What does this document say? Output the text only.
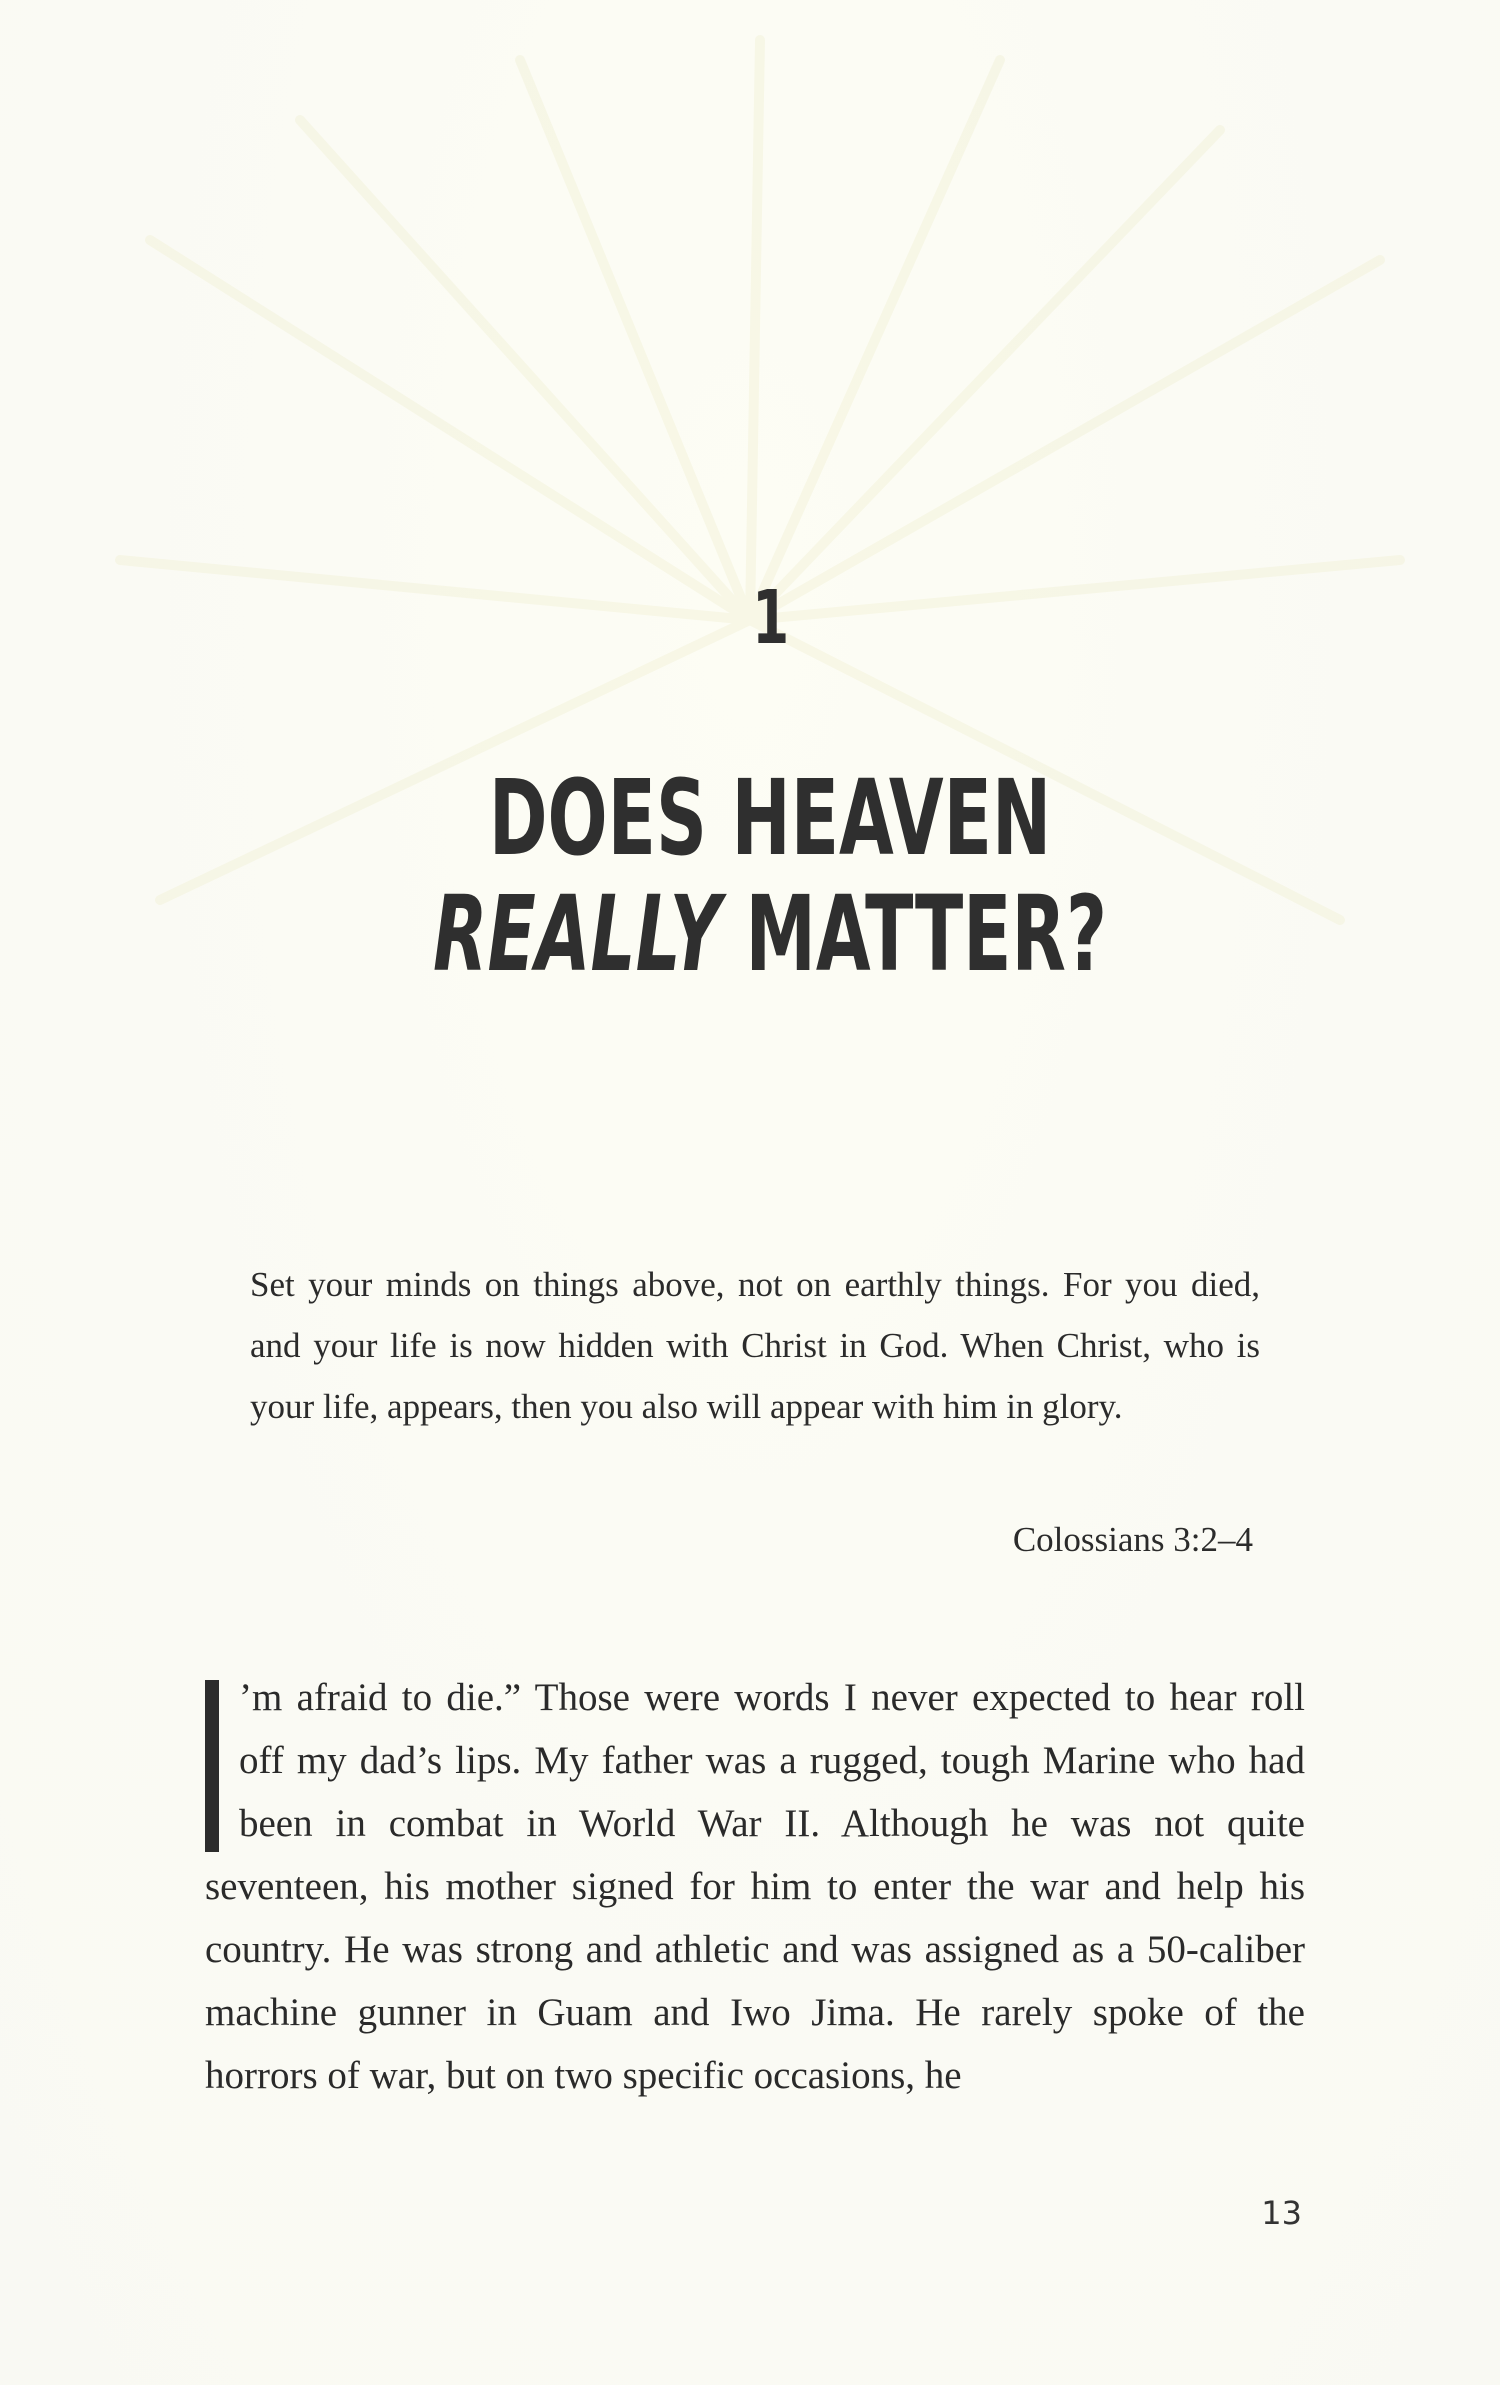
1
DOES HEAVEN
REALLY MATTER?
Set your minds on things above, not on earthly things. For you died, and your life is now hidden with Christ in God. When Christ, who is your life, appears, then you also will appear with him in glory.
Colossians 3:2–4
’m afraid to die.” Those were words I never expected to hear roll off my dad’s lips. My father was a rugged, tough Marine who had been in combat in World War II. Although he was not quite seventeen, his mother signed for him to enter the war and help his country. He was strong and athletic and was assigned as a 50-caliber machine gunner in Guam and Iwo Jima. He rarely spoke of the horrors of war, but on two specific occasions, he
13
